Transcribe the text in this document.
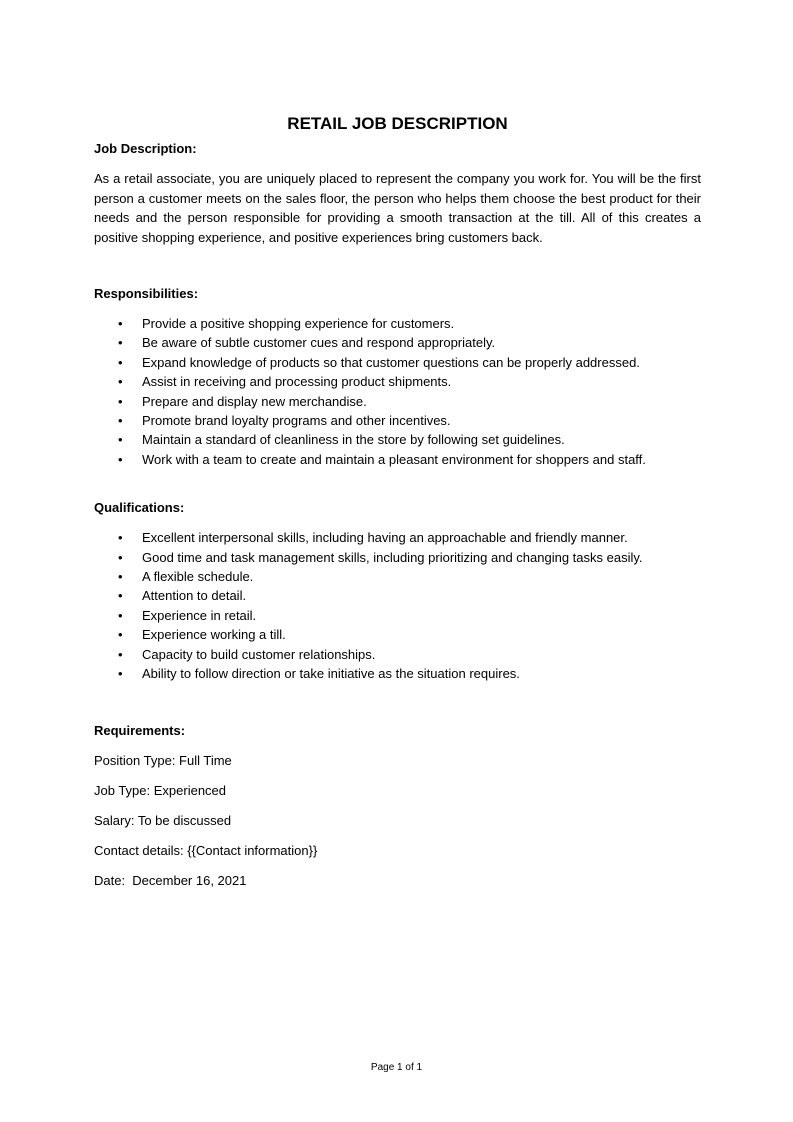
RETAIL JOB DESCRIPTION

Job Description:

As a retail associate, you are uniquely placed to represent the company you work for. You will be the first person a customer meets on the sales floor, the person who helps them choose the best product for their needs and the person responsible for providing a smooth transaction at the till. All of this creates a positive shopping experience, and positive experiences bring customers back.

Responsibilities:

• Provide a positive shopping experience for customers.
• Be aware of subtle customer cues and respond appropriately.
• Expand knowledge of products so that customer questions can be properly addressed.
• Assist in receiving and processing product shipments.
• Prepare and display new merchandise.
• Promote brand loyalty programs and other incentives.
• Maintain a standard of cleanliness in the store by following set guidelines.
• Work with a team to create and maintain a pleasant environment for shoppers and staff.

Qualifications:

• Excellent interpersonal skills, including having an approachable and friendly manner.
• Good time and task management skills, including prioritizing and changing tasks easily.
• A flexible schedule.
• Attention to detail.
• Experience in retail.
• Experience working a till.
• Capacity to build customer relationships.
• Ability to follow direction or take initiative as the situation requires.

Requirements:

Position Type: Full Time

Job Type: Experienced

Salary: To be discussed

Contact details: {{Contact information}}

Date:  December 16, 2021

Page 1 of 1
